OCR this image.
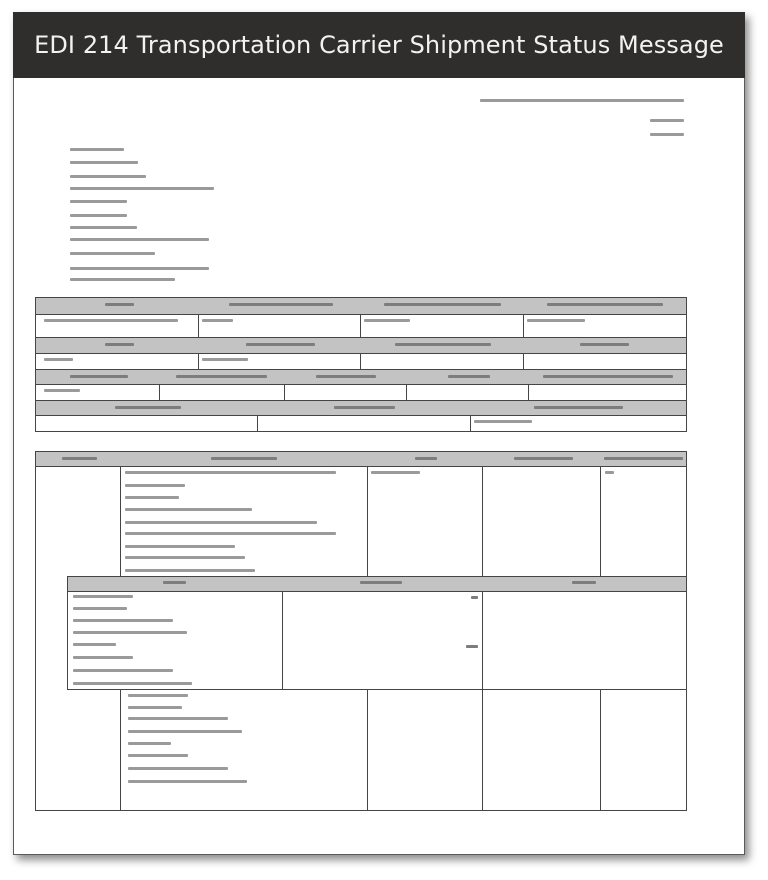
EDI 214 Transportation Carrier Shipment Status Message
